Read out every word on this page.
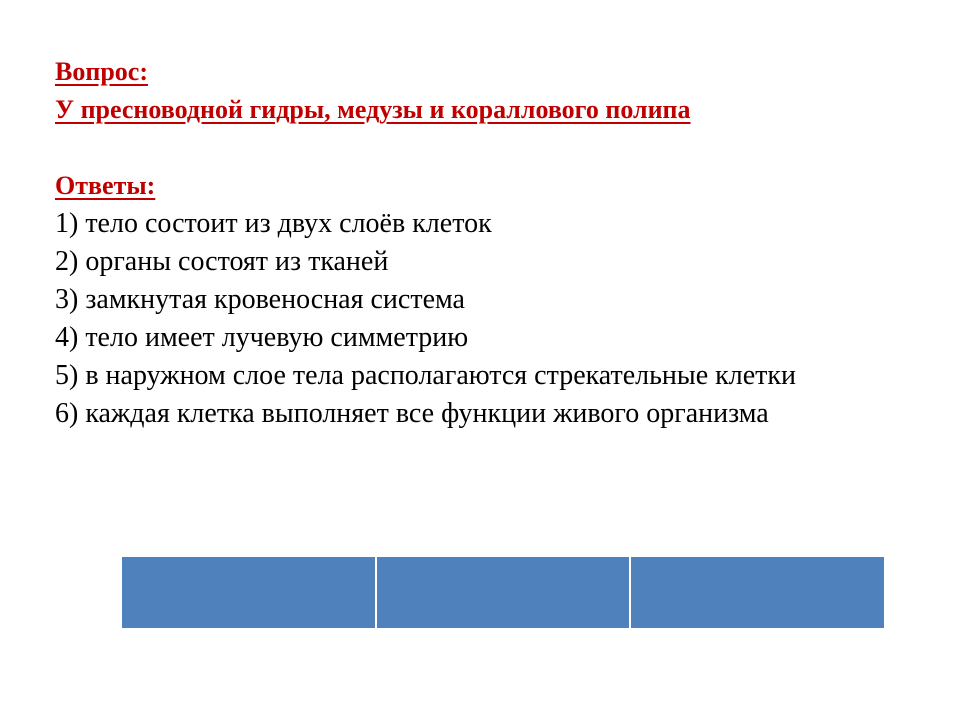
Вопрос:
У пресноводной гидры, медузы и кораллового полипа
Ответы:
1) тело состоит из двух слоёв клеток
2) органы состоят из тканей
3) замкнутая кровеносная система
4) тело имеет лучевую симметрию
5) в наружном слое тела располагаются стрекательные клетки
6) каждая клетка выполняет все функции живого организма
